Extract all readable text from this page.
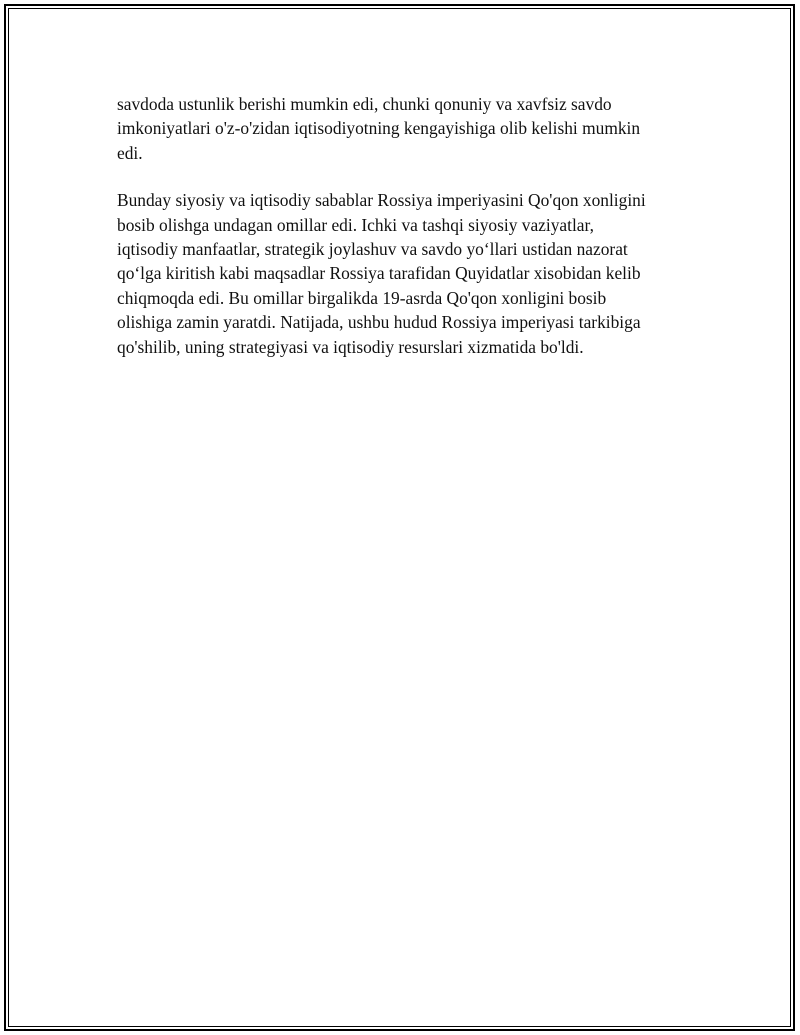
savdoda ustunlik berishi mumkin edi, chunki qonuniy va xavfsiz savdo
imkoniyatlari o'z-o'zidan iqtisodiyotning kengayishiga olib kelishi mumkin
edi.
Bunday siyosiy va iqtisodiy sabablar Rossiya imperiyasini Qo'qon xonligini
bosib olishga undagan omillar edi. Ichki va tashqi siyosiy vaziyatlar,
iqtisodiy manfaatlar, strategik joylashuv va savdo yo‘llari ustidan nazorat
qo‘lga kiritish kabi maqsadlar Rossiya tarafidan Quyidatlar xisobidan kelib
chiqmoqda edi. Bu omillar birgalikda 19-asrda Qo'qon xonligini bosib
olishiga zamin yaratdi. Natijada, ushbu hudud Rossiya imperiyasi tarkibiga
qo'shilib, uning strategiyasi va iqtisodiy resurslari xizmatida bo'ldi.
